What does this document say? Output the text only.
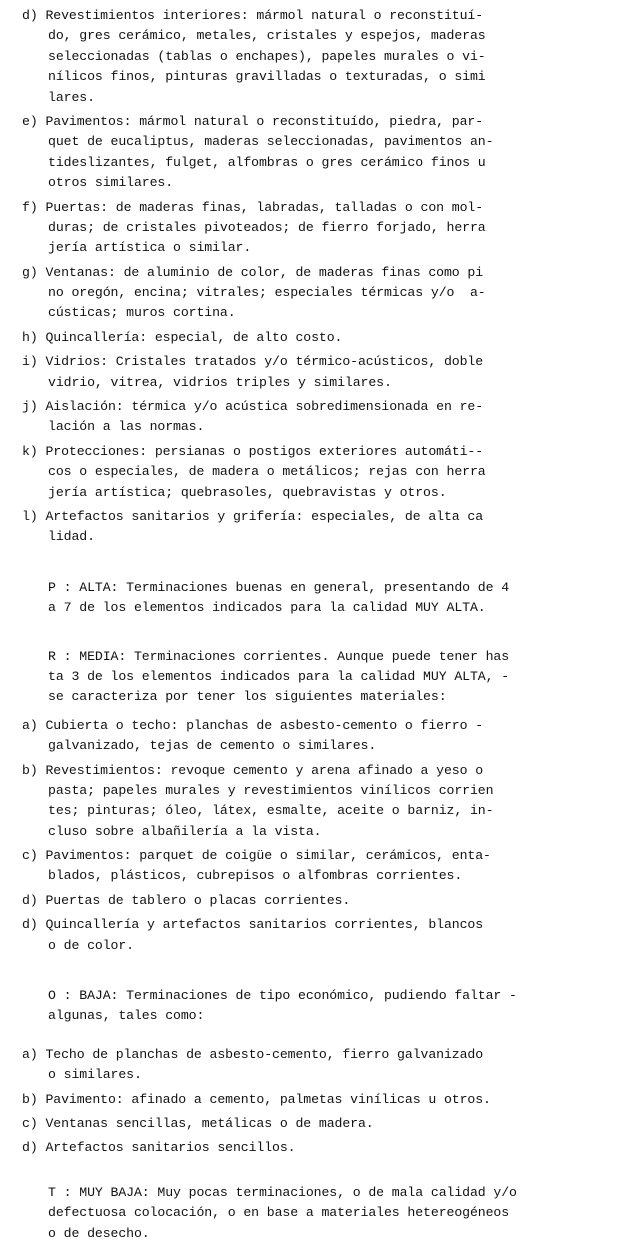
d) Revestimientos interiores: mármol natural o reconstituí-
do, gres cerámico, metales, cristales y espejos, maderas
seleccionadas (tablas o enchapes), papeles murales o vi-
nílicos finos, pinturas gravilladas o texturadas, o simi
lares.
e) Pavimentos: mármol natural o reconstituído, piedra, par-
quet de eucaliptus, maderas seleccionadas, pavimentos an-
tideslizantes, fulget, alfombras o gres cerámico finos u
otros similares.
f) Puertas: de maderas finas, labradas, talladas o con mol-
duras; de cristales pivoteados; de fierro forjado, herra
jería artística o similar.
g) Ventanas: de aluminio de color, de maderas finas como pi
no oregón, encina; vitrales; especiales térmicas y/o  a-
cústicas; muros cortina.
h) Quincallería: especial, de alto costo.
i) Vidrios: Cristales tratados y/o térmico-acústicos, doble
vidrio, vitrea, vidrios triples y similares.
j) Aislación: térmica y/o acústica sobredimensionada en re-
lación a las normas.
k) Protecciones: persianas o postigos exteriores automáti--
cos o especiales, de madera o metálicos; rejas con herra
jería artística; quebrasoles, quebravistas y otros.
l) Artefactos sanitarios y grifería: especiales, de alta ca
lidad.
P : ALTA: Terminaciones buenas en general, presentando de 4
a 7 de los elementos indicados para la calidad MUY ALTA.
R : MEDIA: Terminaciones corrientes. Aunque puede tener has
ta 3 de los elementos indicados para la calidad MUY ALTA, -
se caracteriza por tener los siguientes materiales:
a) Cubierta o techo: planchas de asbesto-cemento o fierro -
galvanizado, tejas de cemento o similares.
b) Revestimientos: revoque cemento y arena afinado a yeso o
pasta; papeles murales y revestimientos vinílicos corrien
tes; pinturas; óleo, látex, esmalte, aceite o barniz, in-
cluso sobre albañilería a la vista.
c) Pavimentos: parquet de coigüe o similar, cerámicos, enta-
blados, plásticos, cubrepisos o alfombras corrientes.
d) Puertas de tablero o placas corrientes.
d) Quincallería y artefactos sanitarios corrientes, blancos
o de color.
O : BAJA: Terminaciones de tipo económico, pudiendo faltar -
algunas, tales como:
a) Techo de planchas de asbesto-cemento, fierro galvanizado
o similares.
b) Pavimento: afinado a cemento, palmetas vinílicas u otros.
c) Ventanas sencillas, metálicas o de madera.
d) Artefactos sanitarios sencillos.
T : MUY BAJA: Muy pocas terminaciones, o de mala calidad y/o
defectuosa colocación, o en base a materiales hetereogéneos
o de desecho.
